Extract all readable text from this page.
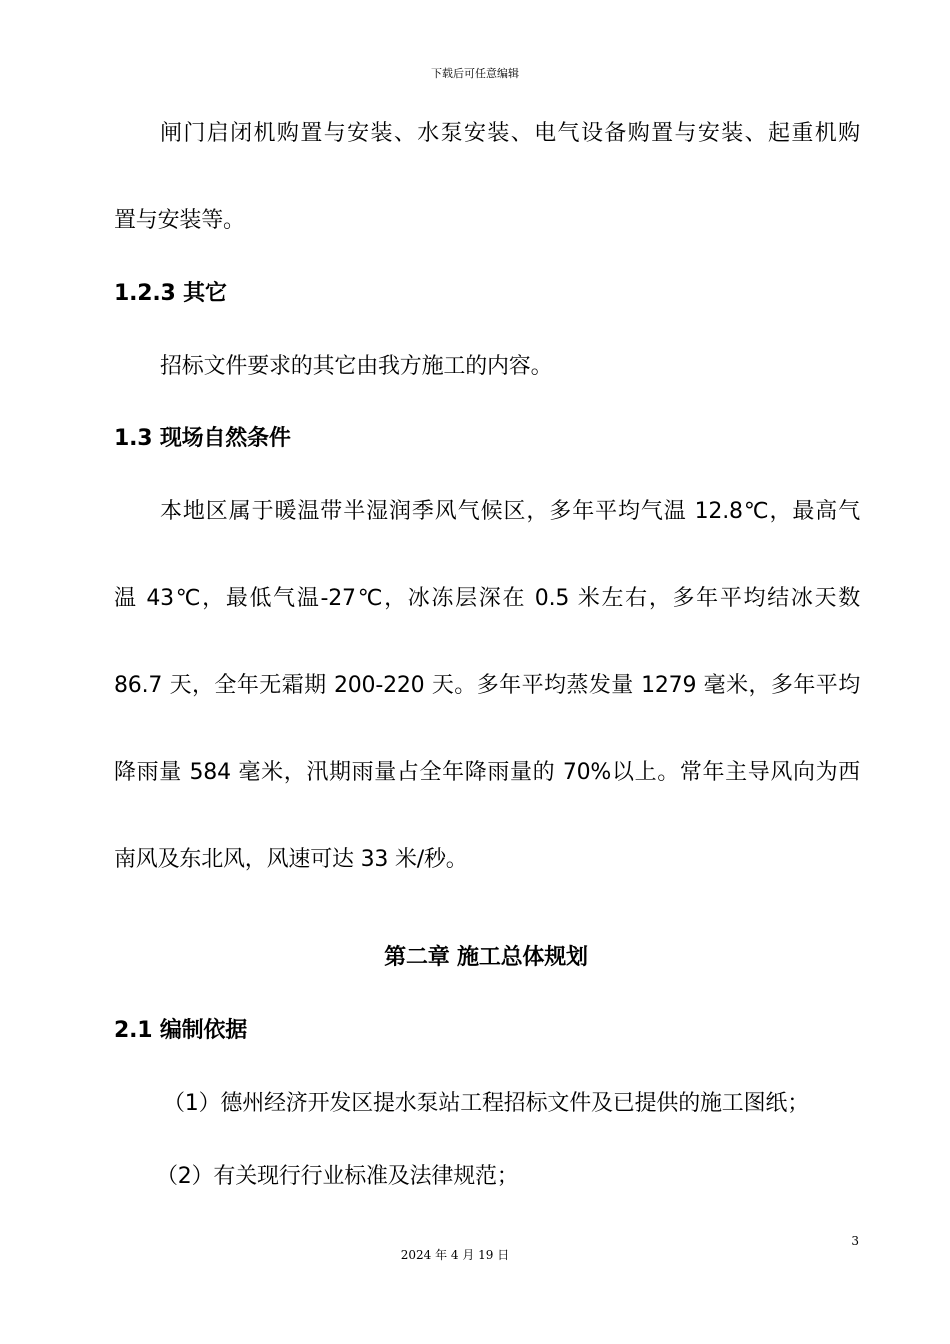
下载后可任意编辑
闸门启闭机购置与安装、水泵安装、电气设备购置与安装、起重机购
置与安装等。
1.2.3 其它
招标文件要求的其它由我方施工的内容。
1.3 现场自然条件
本地区属于暖温带半湿润季风气候区，多年平均气温 12.8℃，最高气
温 43℃，最低气温-27℃，冰冻层深在 0.5 米左右，多年平均结冰天数
86.7 天，全年无霜期 200-220 天。多年平均蒸发量 1279 毫米，多年平均
降雨量 584 毫米，汛期雨量占全年降雨量的 70%以上。常年主导风向为西
南风及东北风，风速可达 33 米/秒。
第二章 施工总体规划
2.1 编制依据
（1）德州经济开发区提水泵站工程招标文件及已提供的施工图纸；
（2）有关现行行业标准及法律规范；
3
2024 年 4 月 19 日
